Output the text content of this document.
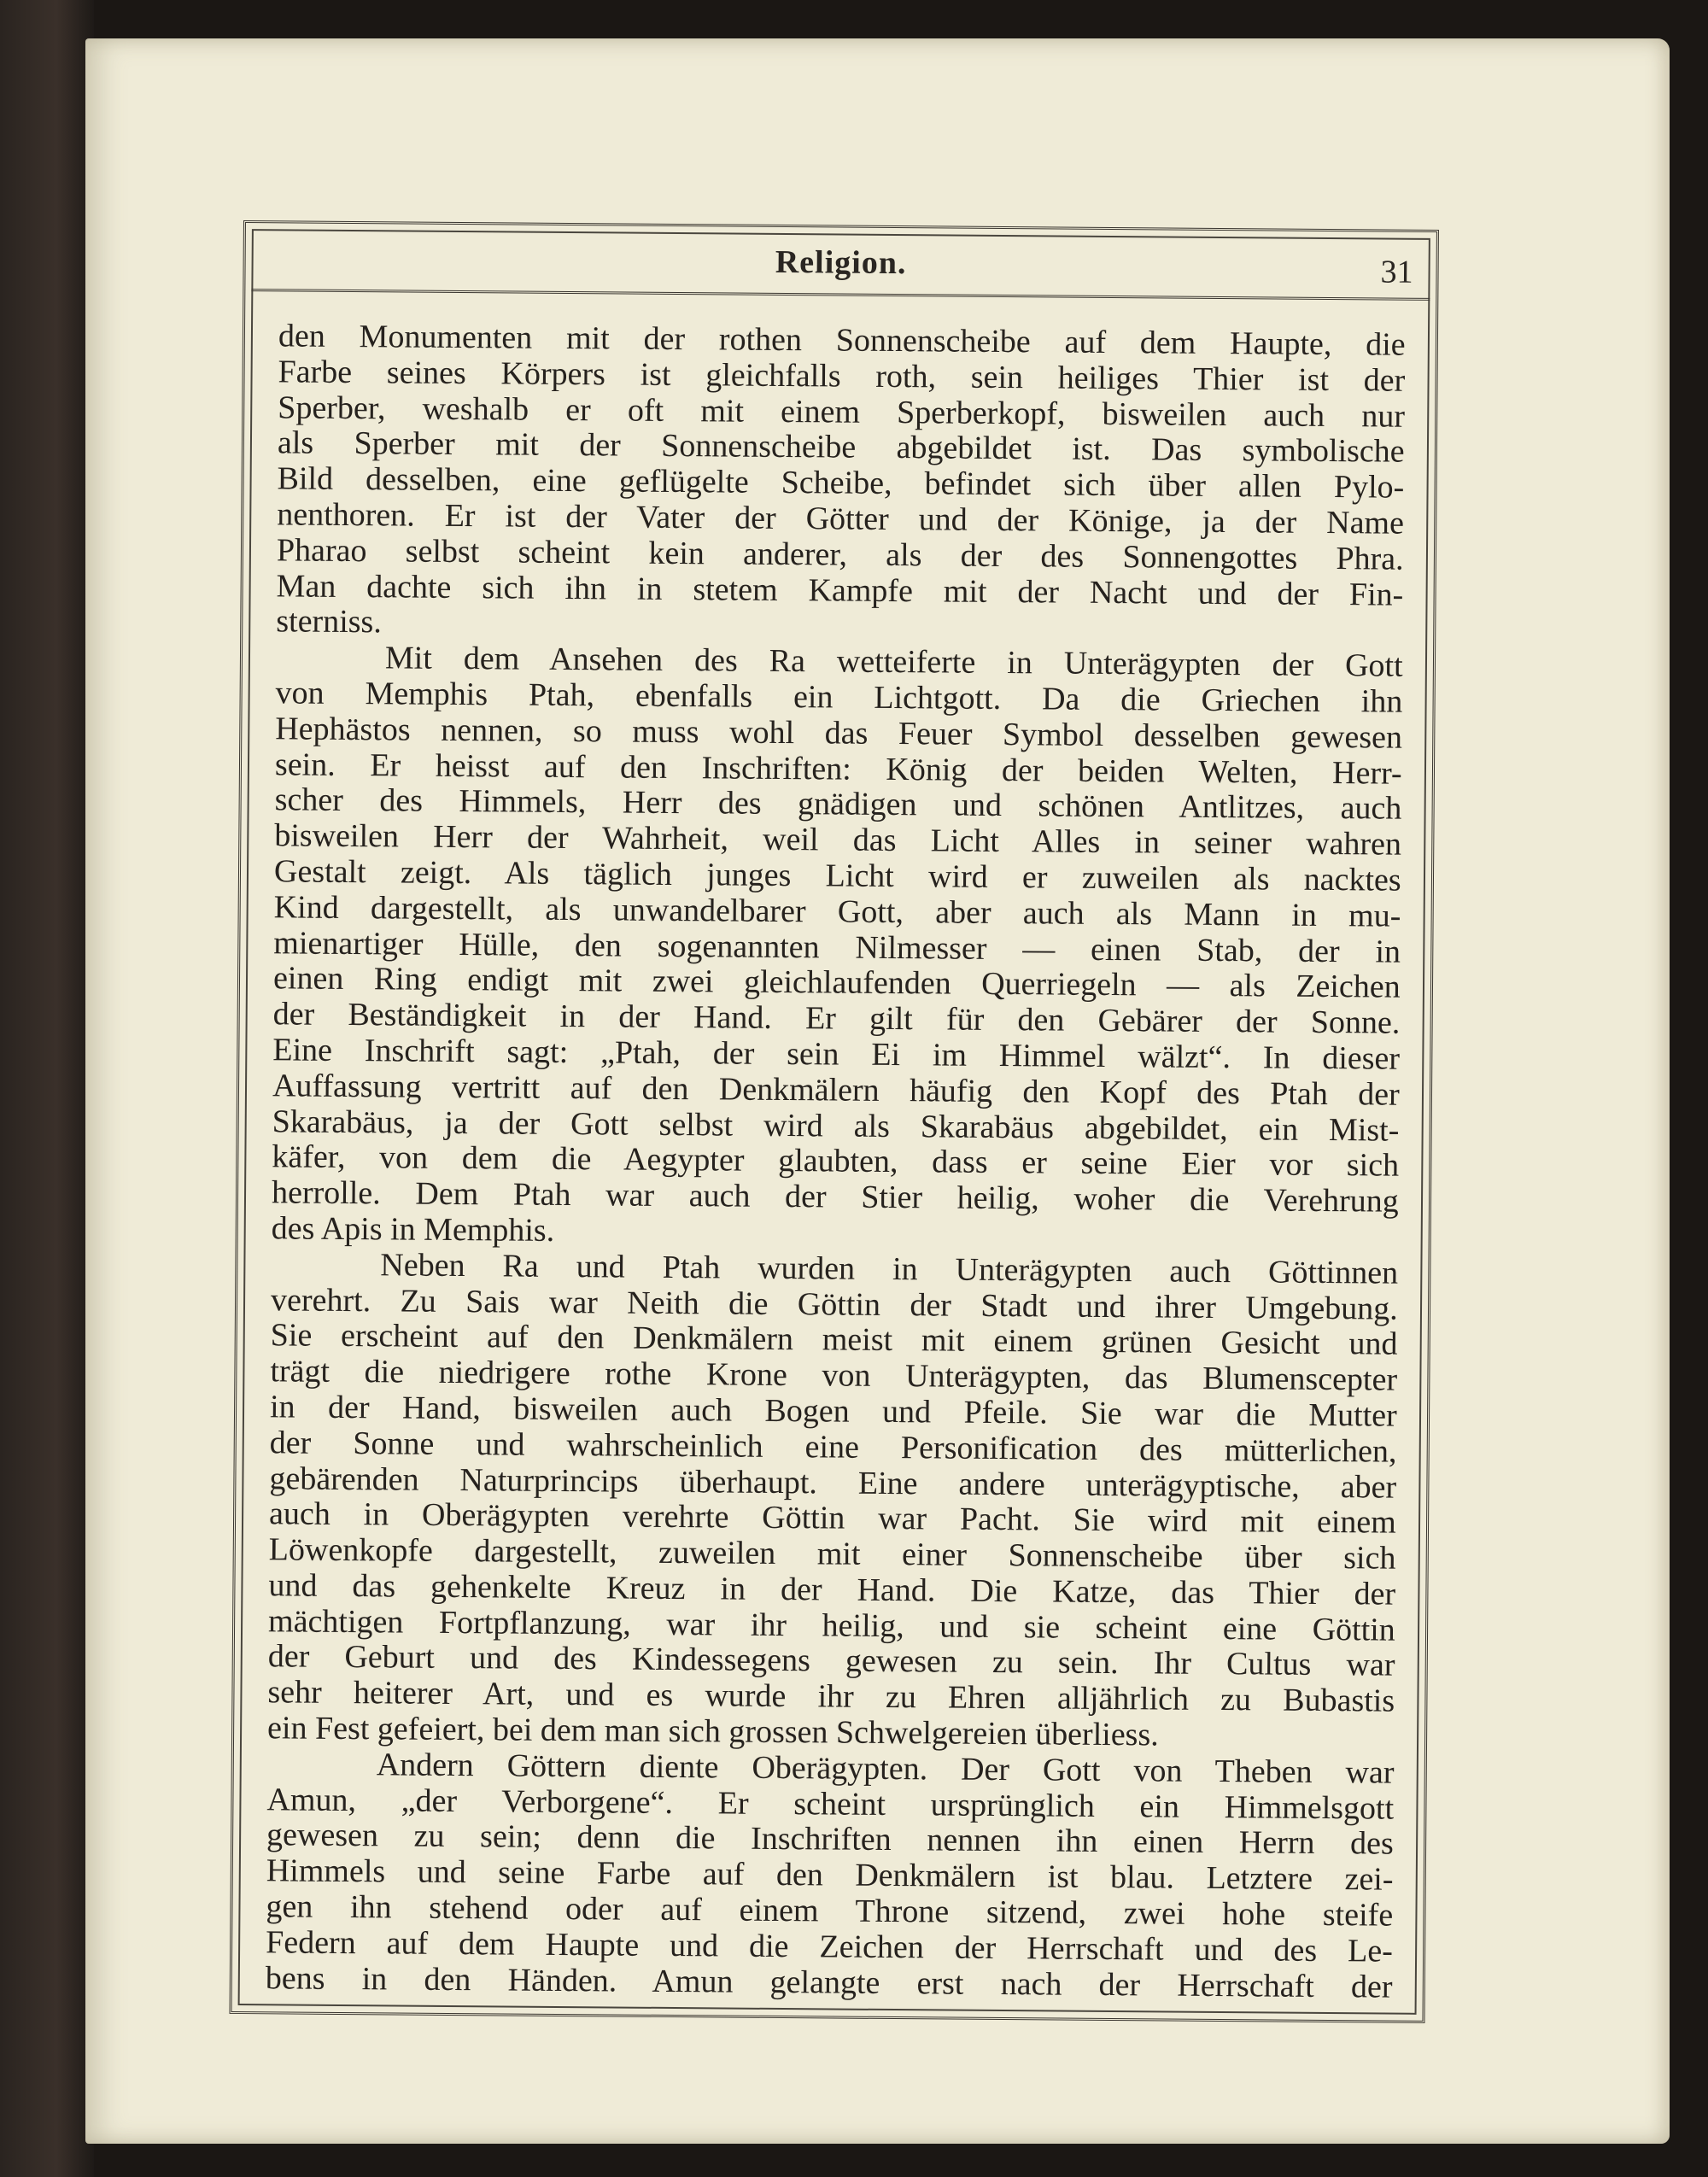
Religion.	31
den Monumenten mit der rothen Sonnenscheibe auf dem Haupte, die
Farbe seines Körpers ist gleichfalls roth, sein heiliges Thier ist der
Sperber, weshalb er oft mit einem Sperberkopf, bisweilen auch nur
als Sperber mit der Sonnenscheibe abgebildet ist. Das symbolische
Bild desselben, eine geflügelte Scheibe, befindet sich über allen Pylo-
nenthoren. Er ist der Vater der Götter und der Könige, ja der Name
Pharao selbst scheint kein anderer, als der des Sonnengottes Phra.
Man dachte sich ihn in stetem Kampfe mit der Nacht und der Fin-
sterniss.
Mit dem Ansehen des Ra wetteiferte in Unterägypten der Gott
von Memphis Ptah, ebenfalls ein Lichtgott. Da die Griechen ihn
Hephästos nennen, so muss wohl das Feuer Symbol desselben gewesen
sein. Er heisst auf den Inschriften: König der beiden Welten, Herr-
scher des Himmels, Herr des gnädigen und schönen Antlitzes, auch
bisweilen Herr der Wahrheit, weil das Licht Alles in seiner wahren
Gestalt zeigt. Als täglich junges Licht wird er zuweilen als nacktes
Kind dargestellt, als unwandelbarer Gott, aber auch als Mann in mu-
mienartiger Hülle, den sogenannten Nilmesser — einen Stab, der in
einen Ring endigt mit zwei gleichlaufenden Querriegeln — als Zeichen
der Beständigkeit in der Hand. Er gilt für den Gebärer der Sonne.
Eine Inschrift sagt: „Ptah, der sein Ei im Himmel wälzt“. In dieser
Auffassung vertritt auf den Denkmälern häufig den Kopf des Ptah der
Skarabäus, ja der Gott selbst wird als Skarabäus abgebildet, ein Mist-
käfer, von dem die Aegypter glaubten, dass er seine Eier vor sich
herrolle. Dem Ptah war auch der Stier heilig, woher die Verehrung
des Apis in Memphis.
Neben Ra und Ptah wurden in Unterägypten auch Göttinnen
verehrt. Zu Sais war Neith die Göttin der Stadt und ihrer Umgebung.
Sie erscheint auf den Denkmälern meist mit einem grünen Gesicht und
trägt die niedrigere rothe Krone von Unterägypten, das Blumenscepter
in der Hand, bisweilen auch Bogen und Pfeile. Sie war die Mutter
der Sonne und wahrscheinlich eine Personification des mütterlichen,
gebärenden Naturprincips überhaupt. Eine andere unterägyptische, aber
auch in Oberägypten verehrte Göttin war Pacht. Sie wird mit einem
Löwenkopfe dargestellt, zuweilen mit einer Sonnenscheibe über sich
und das gehenkelte Kreuz in der Hand. Die Katze, das Thier der
mächtigen Fortpflanzung, war ihr heilig, und sie scheint eine Göttin
der Geburt und des Kindessegens gewesen zu sein. Ihr Cultus war
sehr heiterer Art, und es wurde ihr zu Ehren alljährlich zu Bubastis
ein Fest gefeiert, bei dem man sich grossen Schwelgereien überliess.
Andern Göttern diente Oberägypten. Der Gott von Theben war
Amun, „der Verborgene“. Er scheint ursprünglich ein Himmelsgott
gewesen zu sein; denn die Inschriften nennen ihn einen Herrn des
Himmels und seine Farbe auf den Denkmälern ist blau. Letztere zei-
gen ihn stehend oder auf einem Throne sitzend, zwei hohe steife
Federn auf dem Haupte und die Zeichen der Herrschaft und des Le-
bens in den Händen. Amun gelangte erst nach der Herrschaft der
